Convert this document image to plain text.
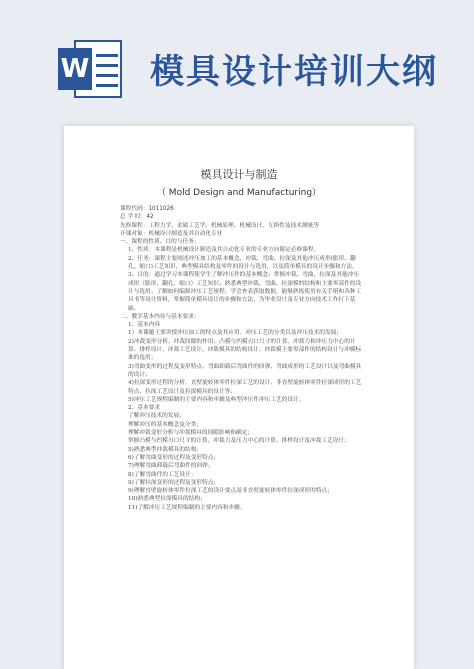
W 模具设计培训大纲
模具设计与制造
（ Mold Design and Manufacturing）

课程代码：1011026

总 学 时：42

先修课程：工程力学、金属工艺学、机械原理、机械设计、互换性及技术测量等

开课对象：机械设计制造及其自动化专业

一、课程的性质、目的与任务：

1、性质：本课程是机械设计制造及其自动化专业的专业方向限定必修课程。

2、任务：课程主要阐述冲压加工的基本概念，冲裁、弯曲、拉深及其他冲压成形(胀形、翻孔、缩口)工艺知识，典型模具结构及零件的设计与选用，以及简单模具的设计步骤和方法。

3、目的：通过学习本课程使学生了解冲压件的基本概念；掌握冲裁、弯曲、拉深及其他冲压成形（胀形、翻孔、缩口）工艺知识；熟悉典型冲裁、弯曲、拉深模的结构和主要零部件的设计与选用；了解如何编制冲压工艺规程；学会查表获取数据，能够熟练使用有关手册和各种工具书等设计资料，掌握简单模具设计的步骤和方法，为毕业设计及专业方向技术工作打下基础。

二、教学基本内容与基本要求：

1、基本内容

1）本课题主要讲授冲压加工的特点及其应用。冲压工艺的分类以及冲压技术的发展；

2)冲裁变形分析、冲裁间隙的作用、凸模与凹模刃口尺寸的计算、冲裁力和冲压力中心的计算、排样设计、冲裁工艺设计、冲裁模具的结构设计、冲裁模主要零部件的结构设计与冲模标准的选用；

3)弯曲变形的过程及变形特点、弯曲卸载后弯曲件的回弹、弯曲成形的工艺设计以及弯曲模具的设计；

4)拉深变形过程的分析、直壁旋转体零件拉深工艺的设计、非直壁旋转体零件拉深成形的工艺特点、拉深工艺设计及拉深模具的设计等；

5)冲压工艺规程编制的主要内容和步骤及典型冲压件冲压工艺的设计。

2、基本要求

了解冲压技术的发展；

理解冲压的基本概念及分类；

理解冲裁变形分析与冲裁模具的间隙影响和确定；

掌握凸模与凹模刃口尺寸的计算、冲裁力及压力中心的计算、排样设计及冲裁工艺设计；

5)熟悉典型冲裁模具的结构；

6)了解弯曲变形的过程及变形特点；

7)理解弯曲卸载后弯曲件的回弹；

8)了解弯曲件的工艺设计；

9)了解拉深变形的过程及变形特点；

9)理解直壁旋转体零件拉深工艺的设计要点及非直壁旋转体零件拉深成形的特点；

10)熟悉典型拉深模具的结构；

11)了解冲压工艺规程编制的主要内容和步骤。
